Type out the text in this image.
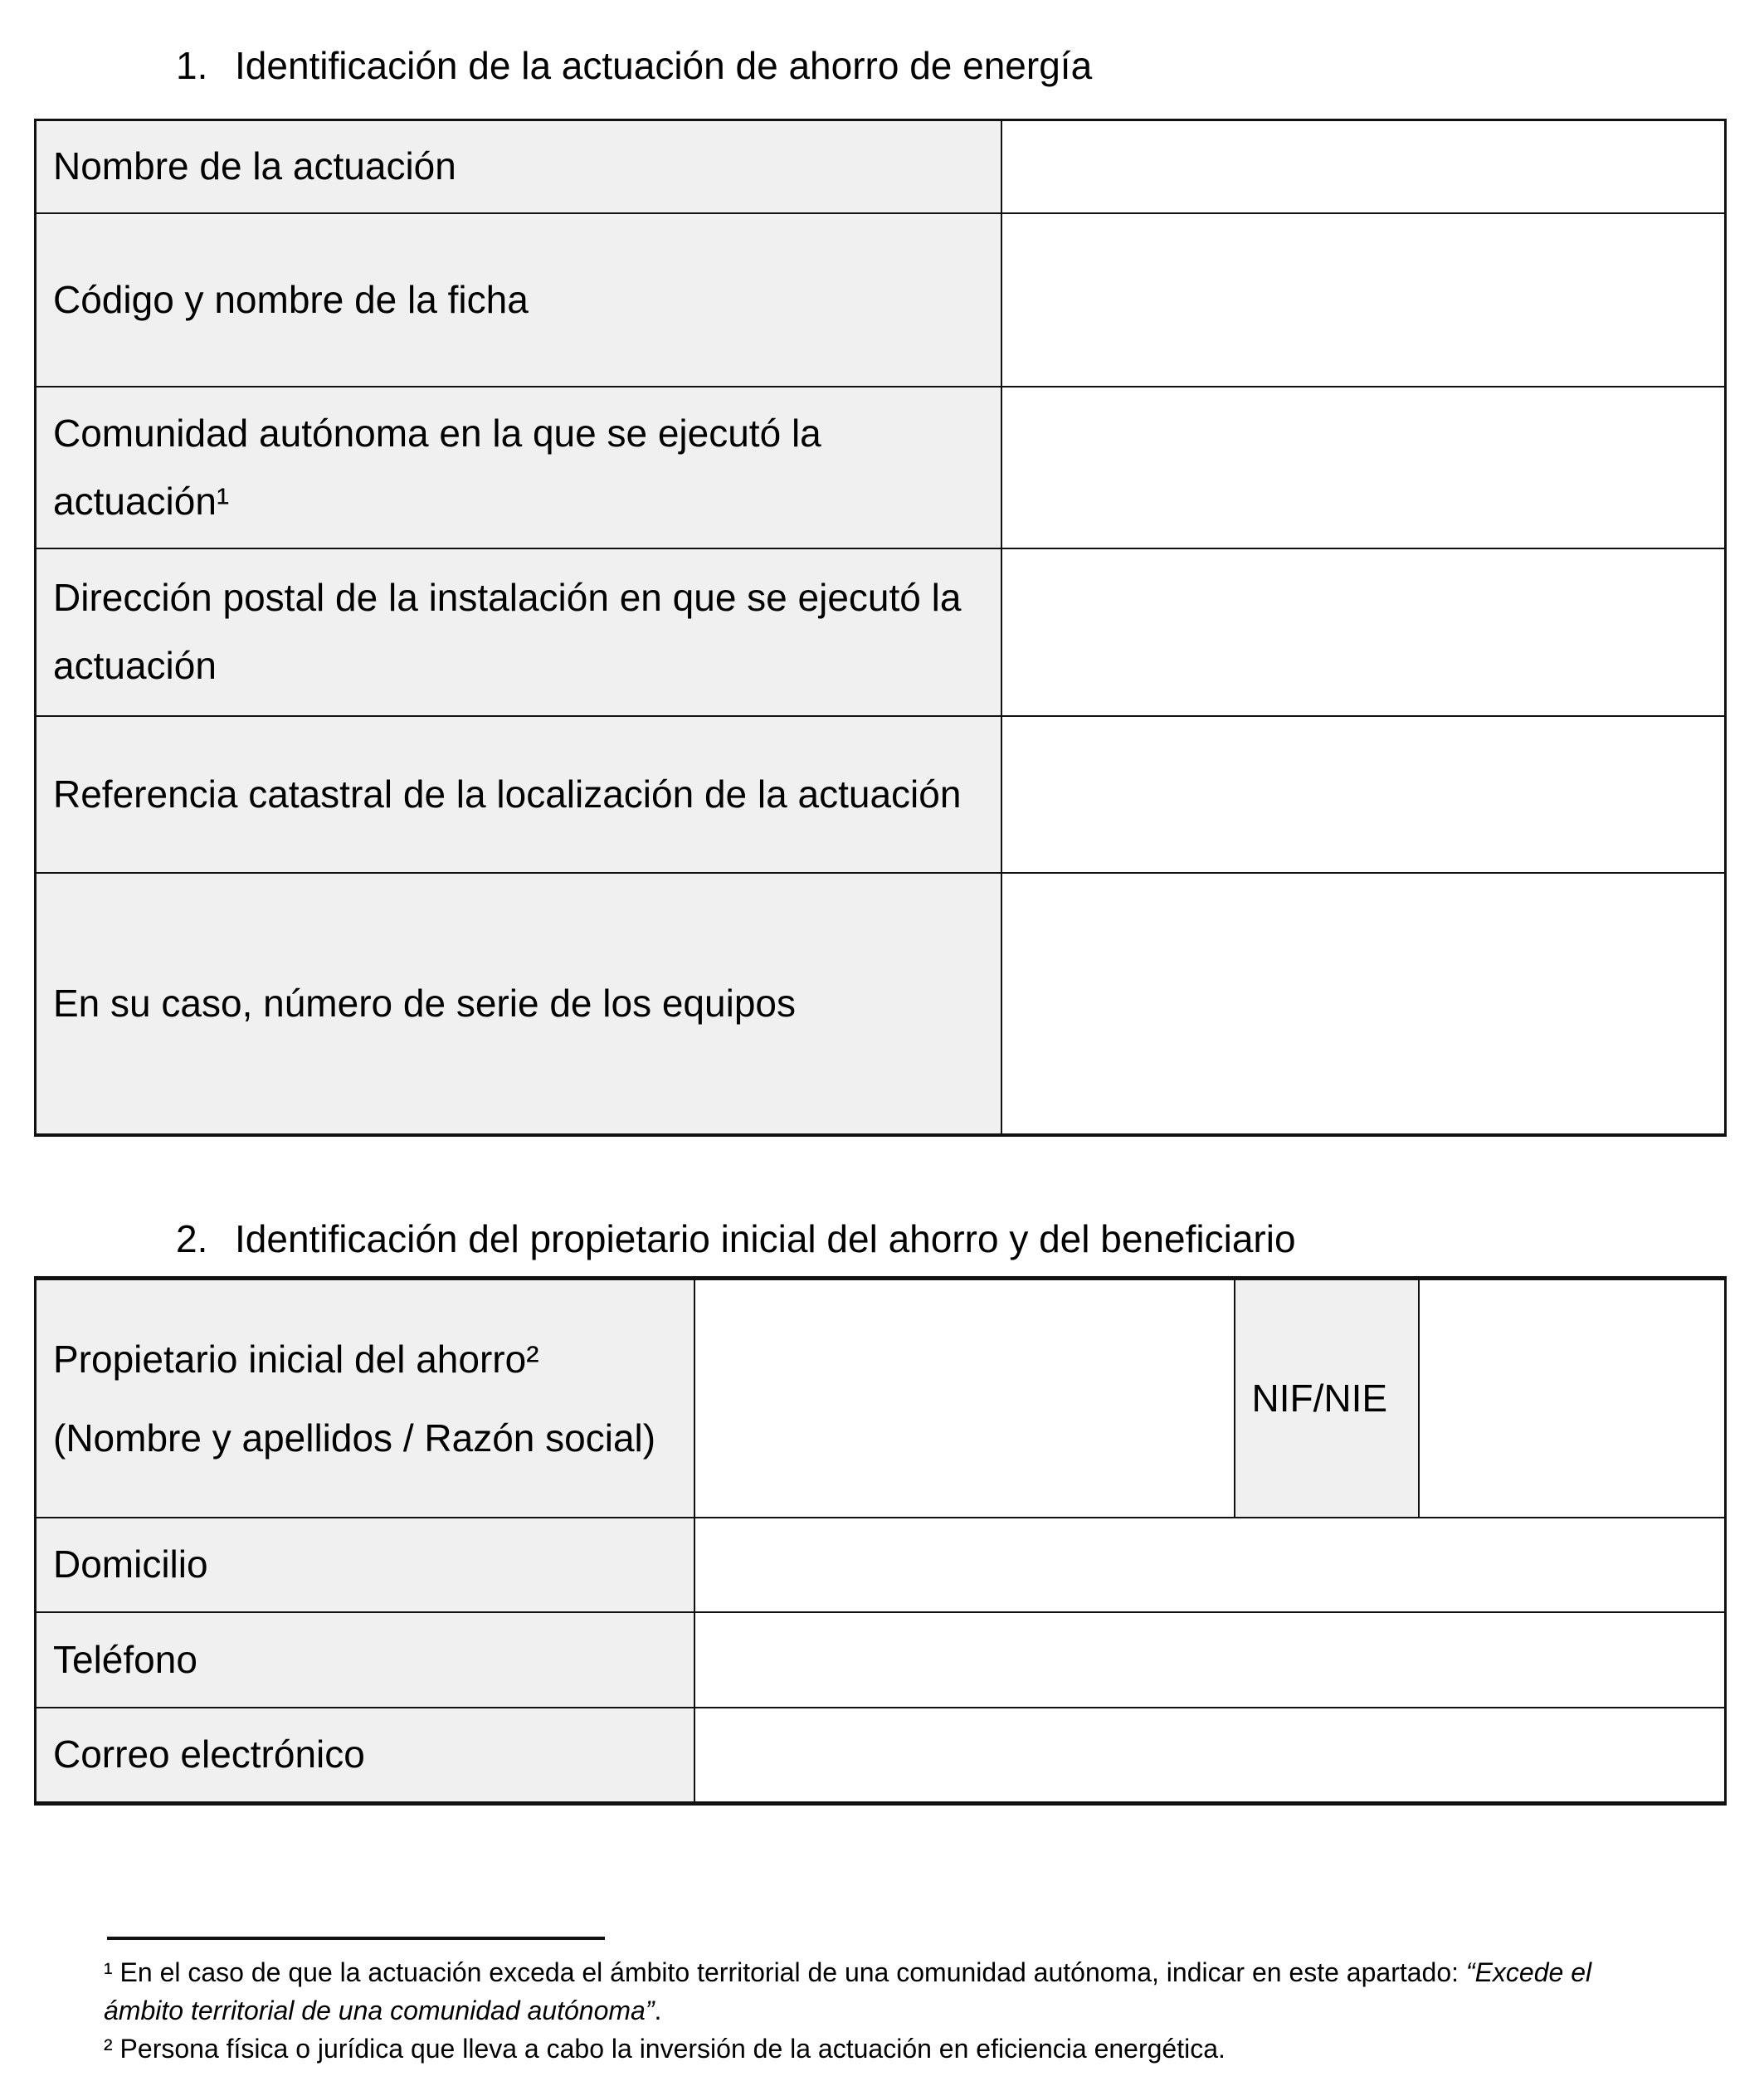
1. Identificación de la actuación de ahorro de energía
Nombre de la actuación	
Código y nombre de la ficha	
Comunidad autónoma en la que se ejecutó la actuación¹	
Dirección postal de la instalación en que se ejecutó la actuación	
Referencia catastral de la localización de la actuación	
En su caso, número de serie de los equipos	
2. Identificación del propietario inicial del ahorro y del beneficiario
Propietario inicial del ahorro² (Nombre y apellidos / Razón social)		NIF/NIE	
Domicilio			
Teléfono			
Correo electrónico			

¹ En el caso de que la actuación exceda el ámbito territorial de una comunidad autónoma, indicar en este apartado: “Excede el ámbito territorial de una comunidad autónoma”.

² Persona física o jurídica que lleva a cabo la inversión de la actuación en eficiencia energética.
